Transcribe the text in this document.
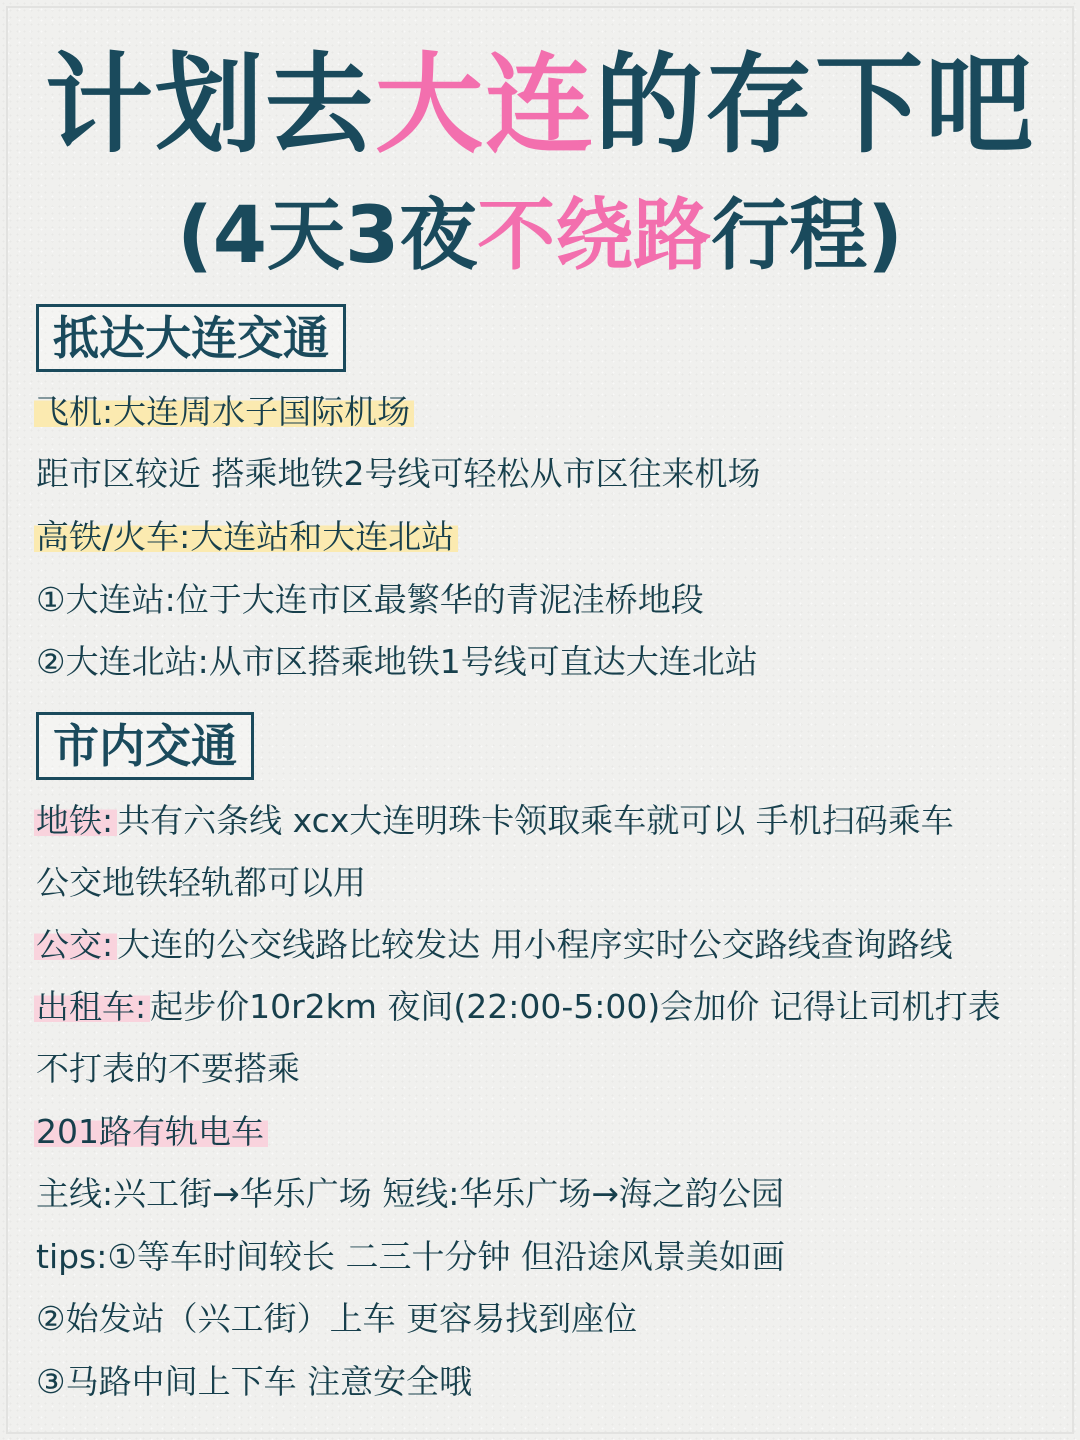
计划去大连的存下吧
(4天3夜不绕路行程)
抵达大连交通
飞机:大连周水子国际机场
距市区较近 搭乘地铁2号线可轻松从市区往来机场
高铁/火车:大连站和大连北站
①大连站:位于大连市区最繁华的青泥洼桥地段
②大连北站:从市区搭乘地铁1号线可直达大连北站
市内交通
地铁: 共有六条线 xcx大连明珠卡领取乘车就可以 手机扫码乘车
公交地铁轻轨都可以用
公交: 大连的公交线路比较发达 用小程序实时公交路线查询路线
出租车: 起步价10r2km 夜间(22:00-5:00)会加价 记得让司机打表
不打表的不要搭乘
201路有轨电车
主线:兴工街→华乐广场 短线:华乐广场→海之韵公园
tips:①等车时间较长 二三十分钟 但沿途风景美如画
②始发站（兴工街）上车 更容易找到座位
③马路中间上下车 注意安全哦
